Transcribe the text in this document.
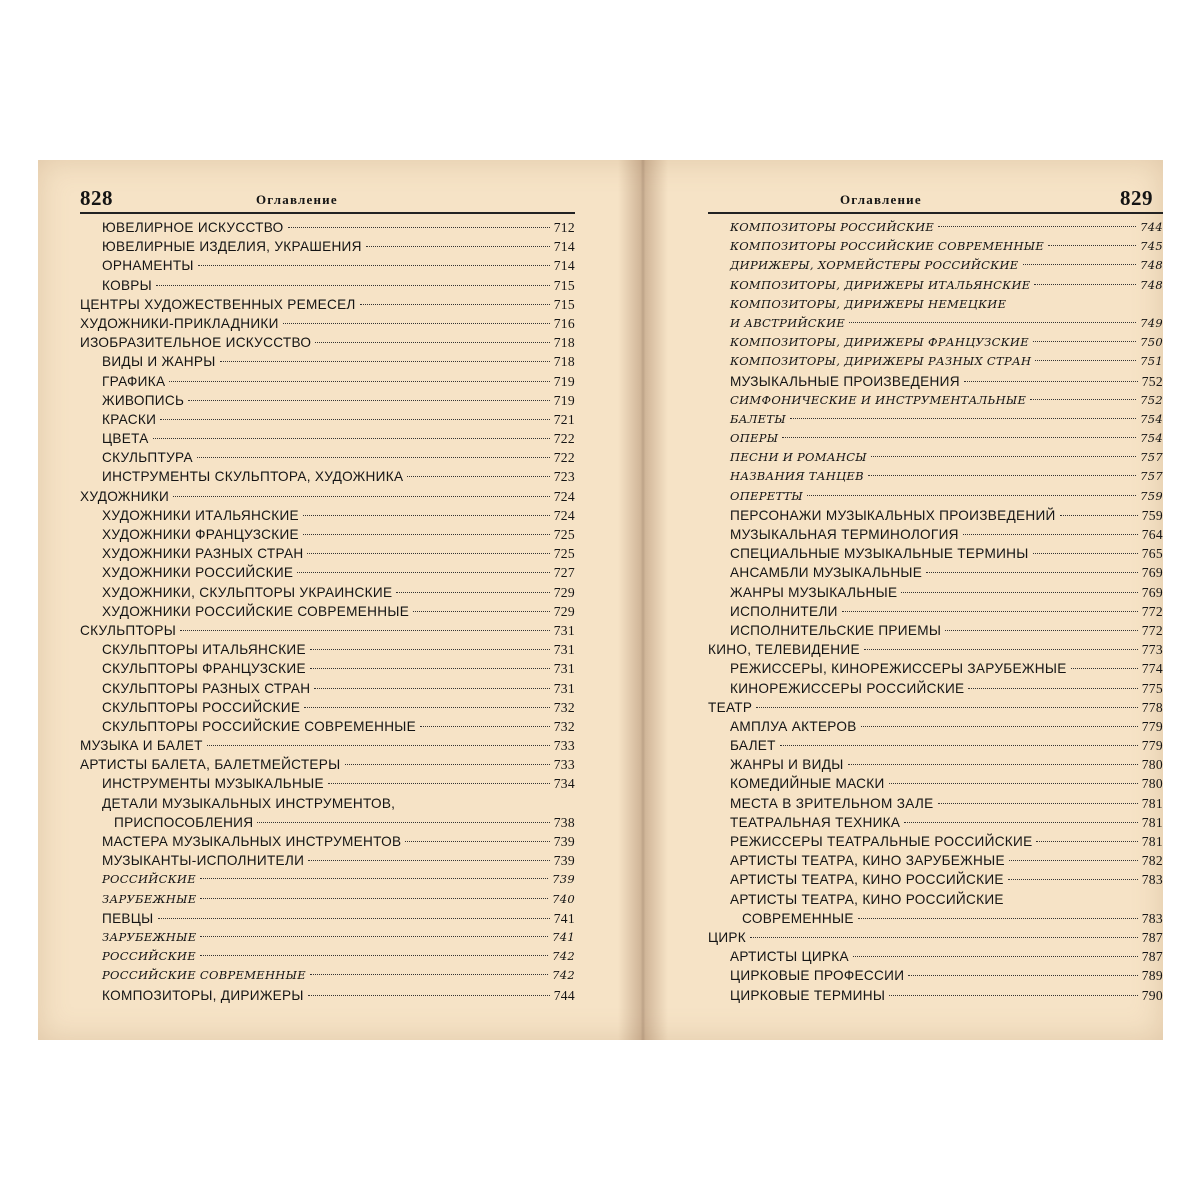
828	Оглавление
ЮВЕЛИРНОЕ ИСКУССТВО	712
ЮВЕЛИРНЫЕ ИЗДЕЛИЯ, УКРАШЕНИЯ	714
ОРНАМЕНТЫ	714
КОВРЫ	715
ЦЕНТРЫ ХУДОЖЕСТВЕННЫХ РЕМЕСЕЛ	715
ХУДОЖНИКИ-ПРИКЛАДНИКИ	716
ИЗОБРАЗИТЕЛЬНОЕ ИСКУССТВО	718
ВИДЫ И ЖАНРЫ	718
ГРАФИКА	719
ЖИВОПИСЬ	719
КРАСКИ	721
ЦВЕТА	722
СКУЛЬПТУРА	722
ИНСТРУМЕНТЫ СКУЛЬПТОРА, ХУДОЖНИКА	723
ХУДОЖНИКИ	724
ХУДОЖНИКИ ИТАЛЬЯНСКИЕ	724
ХУДОЖНИКИ ФРАНЦУЗСКИЕ	725
ХУДОЖНИКИ РАЗНЫХ СТРАН	725
ХУДОЖНИКИ РОССИЙСКИЕ	727
ХУДОЖНИКИ, СКУЛЬПТОРЫ УКРАИНСКИЕ	729
ХУДОЖНИКИ РОССИЙСКИЕ СОВРЕМЕННЫЕ	729
СКУЛЬПТОРЫ	731
СКУЛЬПТОРЫ ИТАЛЬЯНСКИЕ	731
СКУЛЬПТОРЫ ФРАНЦУЗСКИЕ	731
СКУЛЬПТОРЫ РАЗНЫХ СТРАН	731
СКУЛЬПТОРЫ РОССИЙСКИЕ	732
СКУЛЬПТОРЫ РОССИЙСКИЕ СОВРЕМЕННЫЕ	732
МУЗЫКА И БАЛЕТ	733
АРТИСТЫ БАЛЕТА, БАЛЕТМЕЙСТЕРЫ	733
ИНСТРУМЕНТЫ МУЗЫКАЛЬНЫЕ	734
ДЕТАЛИ МУЗЫКАЛЬНЫХ ИНСТРУМЕНТОВ,
ПРИСПОСОБЛЕНИЯ	738
МАСТЕРА МУЗЫКАЛЬНЫХ ИНСТРУМЕНТОВ	739
МУЗЫКАНТЫ-ИСПОЛНИТЕЛИ	739
РОССИЙСКИЕ	739
ЗАРУБЕЖНЫЕ	740
ПЕВЦЫ	741
ЗАРУБЕЖНЫЕ	741
РОССИЙСКИЕ	742
РОССИЙСКИЕ СОВРЕМЕННЫЕ	742
КОМПОЗИТОРЫ, ДИРИЖЕРЫ	744
Оглавление	829
КОМПОЗИТОРЫ РОССИЙСКИЕ	744
КОМПОЗИТОРЫ РОССИЙСКИЕ СОВРЕМЕННЫЕ	745
ДИРИЖЕРЫ, ХОРМЕЙСТЕРЫ РОССИЙСКИЕ	748
КОМПОЗИТОРЫ, ДИРИЖЕРЫ ИТАЛЬЯНСКИЕ	748
КОМПОЗИТОРЫ, ДИРИЖЕРЫ НЕМЕЦКИЕ
И АВСТРИЙСКИЕ	749
КОМПОЗИТОРЫ, ДИРИЖЕРЫ ФРАНЦУЗСКИЕ	750
КОМПОЗИТОРЫ, ДИРИЖЕРЫ РАЗНЫХ СТРАН	751
МУЗЫКАЛЬНЫЕ ПРОИЗВЕДЕНИЯ	752
СИМФОНИЧЕСКИЕ И ИНСТРУМЕНТАЛЬНЫЕ	752
БАЛЕТЫ	754
ОПЕРЫ	754
ПЕСНИ И РОМАНСЫ	757
НАЗВАНИЯ ТАНЦЕВ	757
ОПЕРЕТТЫ	759
ПЕРСОНАЖИ МУЗЫКАЛЬНЫХ ПРОИЗВЕДЕНИЙ	759
МУЗЫКАЛЬНАЯ ТЕРМИНОЛОГИЯ	764
СПЕЦИАЛЬНЫЕ МУЗЫКАЛЬНЫЕ ТЕРМИНЫ	765
АНСАМБЛИ МУЗЫКАЛЬНЫЕ	769
ЖАНРЫ МУЗЫКАЛЬНЫЕ	769
ИСПОЛНИТЕЛИ	772
ИСПОЛНИТЕЛЬСКИЕ ПРИЕМЫ	772
КИНО, ТЕЛЕВИДЕНИЕ	773
РЕЖИССЕРЫ, КИНОРЕЖИССЕРЫ ЗАРУБЕЖНЫЕ	774
КИНОРЕЖИССЕРЫ РОССИЙСКИЕ	775
ТЕАТР	778
АМПЛУА АКТЕРОВ	779
БАЛЕТ	779
ЖАНРЫ И ВИДЫ	780
КОМЕДИЙНЫЕ МАСКИ	780
МЕСТА В ЗРИТЕЛЬНОМ ЗАЛЕ	781
ТЕАТРАЛЬНАЯ ТЕХНИКА	781
РЕЖИССЕРЫ ТЕАТРАЛЬНЫЕ РОССИЙСКИЕ	781
АРТИСТЫ ТЕАТРА, КИНО ЗАРУБЕЖНЫЕ	782
АРТИСТЫ ТЕАТРА, КИНО РОССИЙСКИЕ	783
АРТИСТЫ ТЕАТРА, КИНО РОССИЙСКИЕ
СОВРЕМЕННЫЕ	783
ЦИРК	787
АРТИСТЫ ЦИРКА	787
ЦИРКОВЫЕ ПРОФЕССИИ	789
ЦИРКОВЫЕ ТЕРМИНЫ	790
